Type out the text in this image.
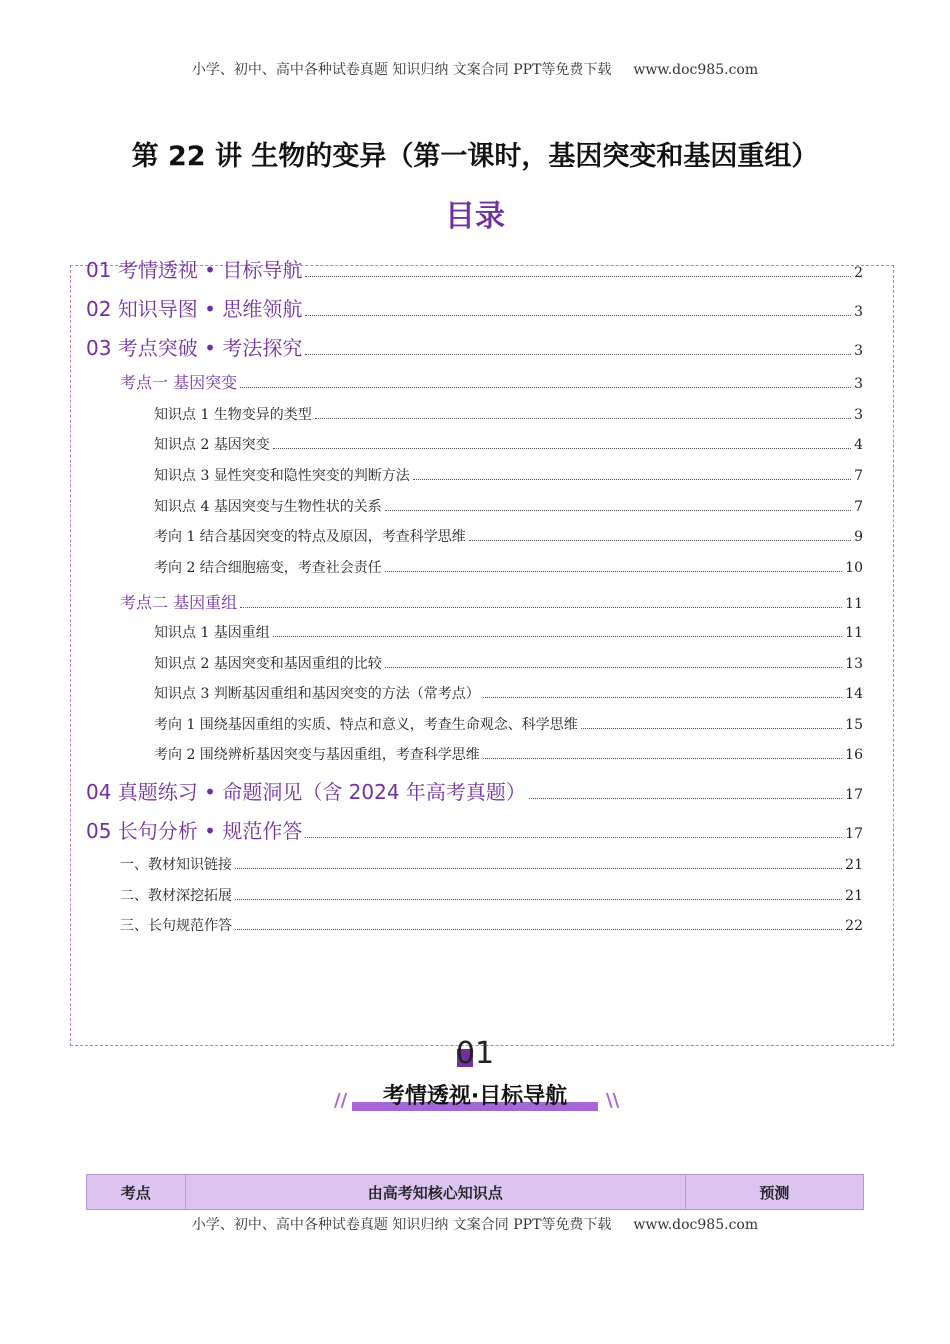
小学、初中、高中各种试卷真题 知识归纳 文案合同 PPT等免费下载 www.doc985.com
第 22 讲 生物的变异（第一课时，基因突变和基因重组）
目录
01 考情透视 • 目标导航	2
02 知识导图 • 思维领航	3
03 考点突破 • 考法探究	3
考点一 基因突变	3
知识点 1 生物变异的类型	3
知识点 2 基因突变	4
知识点 3 显性突变和隐性突变的判断方法	7
知识点 4 基因突变与生物性状的关系	7
考向 1 结合基因突变的特点及原因，考查科学思维	9
考向 2 结合细胞癌变，考查社会责任	10
考点二 基因重组	11
知识点 1 基因重组	11
知识点 2 基因突变和基因重组的比较	13
知识点 3 判断基因重组和基因突变的方法（常考点）	14
考向 1 围绕基因重组的实质、特点和意义，考查生命观念、科学思维	15
考向 2 围绕辨析基因突变与基因重组，考查科学思维	16
04 真题练习 • 命题洞见（含 2024 年高考真题）	17
05 长句分析 • 规范作答	17
一、教材知识链接	21
二、教材深挖拓展	21
三、长句规范作答	22
01
//	考情透视·目标导航	\\
考点	由高考知核心知识点	预测
小学、初中、高中各种试卷真题 知识归纳 文案合同 PPT等免费下载 www.doc985.com
